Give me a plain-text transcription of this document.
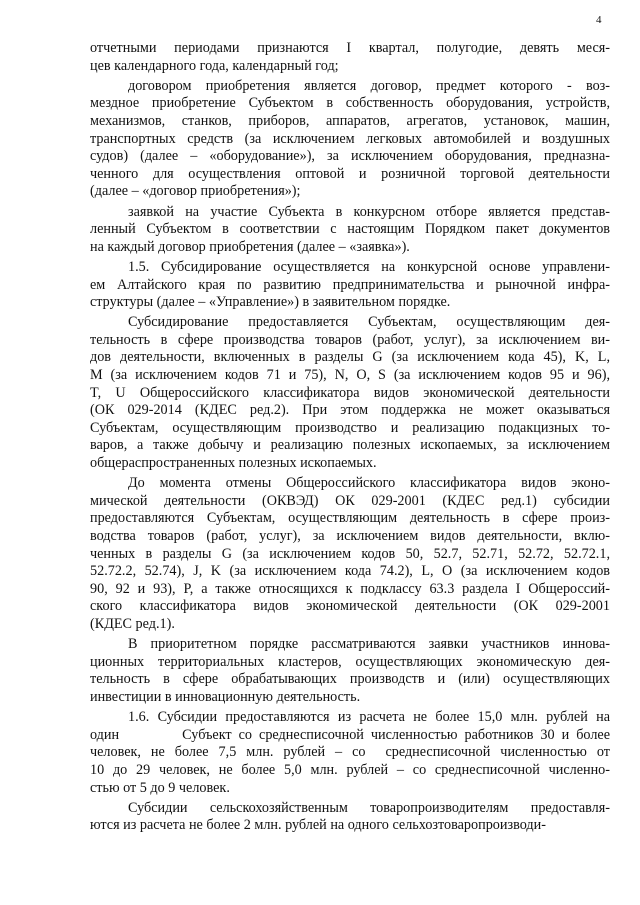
4
отчетными периодами признаются I квартал, полугодие, девять меся-
цев календарного года, календарный год;
договором приобретения является договор, предмет которого - воз-
мездное приобретение Субъектом в собственность оборудования, устройств,
механизмов, станков, приборов, аппаратов, агрегатов, установок, машин,
транспортных средств (за исключением легковых автомобилей и воздушных
судов) (далее – «оборудование»), за исключением оборудования, предназна-
ченного для осуществления оптовой и розничной торговой деятельности
(далее – «договор приобретения»);
заявкой на участие Субъекта в конкурсном отборе является представ-
ленный Субъектом в соответствии с настоящим Порядком пакет документов
на каждый договор приобретения (далее – «заявка»).
1.5. Субсидирование осуществляется на конкурсной основе управлени-
ем Алтайского края по развитию предпринимательства и рыночной инфра-
структуры (далее – «Управление») в заявительном порядке.
Субсидирование предоставляется Субъектам, осуществляющим дея-
тельность в сфере производства товаров (работ, услуг), за исключением ви-
дов деятельности, включенных в разделы G (за исключением кода 45), K, L,
M (за исключением кодов 71 и 75), N, O, S (за исключением кодов 95 и 96),
T, U Общероссийского классификатора видов экономической деятельности
(ОК 029-2014 (КДЕС ред.2). При этом поддержка не может оказываться
Субъектам, осуществляющим производство и реализацию подакцизных то-
варов, а также добычу и реализацию полезных ископаемых, за исключением
общераспространенных полезных ископаемых.
До момента отмены Общероссийского классификатора видов эконо-
мической деятельности (ОКВЭД) ОК 029-2001 (КДЕС ред.1) субсидии
предоставляются Субъектам, осуществляющим деятельность в сфере произ-
водства товаров (работ, услуг), за исключением видов деятельности, вклю-
ченных в разделы G (за исключением кодов 50, 52.7, 52.71, 52.72, 52.72.1,
52.72.2, 52.74), J, K (за исключением кода 74.2), L, O (за исключением кодов
90, 92 и 93), P, а также относящихся к подклассу 63.3 раздела I Общероссий-
ского классификатора видов экономической деятельности (ОК 029-2001
(КДЕС ред.1).
В приоритетном порядке рассматриваются заявки участников иннова-
ционных территориальных кластеров, осуществляющих экономическую дея-
тельность в сфере обрабатывающих производств и (или) осуществляющих
инвестиции в инновационную деятельность.
1.6. Субсидии предоставляются из расчета не более 15,0 млн. рублей на
один         Субъект со среднесписочной численностью работников 30 и более
человек, не более 7,5 млн. рублей – со  среднесписочной численностью от
10 до 29 человек, не более 5,0 млн. рублей – со среднесписочной численно-
стью от 5 до 9 человек.
Субсидии сельскохозяйственным товаропроизводителям предоставля-
ются из расчета не более 2 млн. рублей на одного сельхозтоваропроизводи-
